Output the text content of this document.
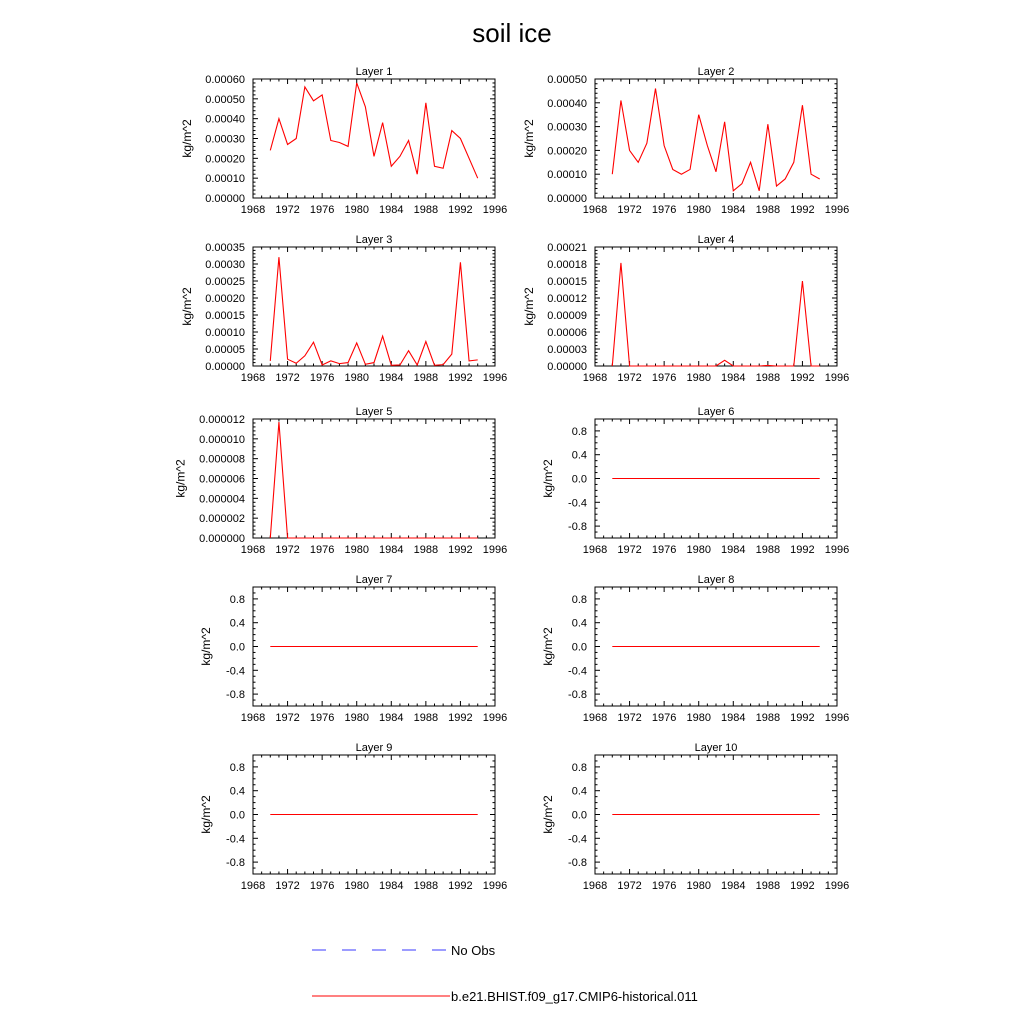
soil ice
Layer 1
1968 1972 1976 1980 1984 1988 1992 1996
0.00000
0.00010
0.00020
0.00030
0.00040
0.00050
0.00060
kg/m^2
Layer 2
1968 1972 1976 1980 1984 1988 1992 1996
0.00000
0.00010
0.00020
0.00030
0.00040
0.00050
kg/m^2
Layer 3
1968 1972 1976 1980 1984 1988 1992 1996
0.00000
0.00005
0.00010
0.00015
0.00020
0.00025
0.00030
0.00035
kg/m^2
Layer 4
1968 1972 1976 1980 1984 1988 1992 1996
0.00000
0.00003
0.00006
0.00009
0.00012
0.00015
0.00018
0.00021
kg/m^2
Layer 5
1968 1972 1976 1980 1984 1988 1992 1996
0.000000
0.000002
0.000004
0.000006
0.000008
0.000010
0.000012
kg/m^2
Layer 6
1968 1972 1976 1980 1984 1988 1992 1996
-0.8
-0.4
0.0
0.4
0.8
kg/m^2
Layer 7
1968 1972 1976 1980 1984 1988 1992 1996
-0.8
-0.4
0.0
0.4
0.8
kg/m^2
Layer 8
1968 1972 1976 1980 1984 1988 1992 1996
-0.8
-0.4
0.0
0.4
0.8
kg/m^2
Layer 9
1968 1972 1976 1980 1984 1988 1992 1996
-0.8
-0.4
0.0
0.4
0.8
kg/m^2
Layer 10
1968 1972 1976 1980 1984 1988 1992 1996
-0.8
-0.4
0.0
0.4
0.8
kg/m^2
No Obs
b.e21.BHIST.f09_g17.CMIP6-historical.011
